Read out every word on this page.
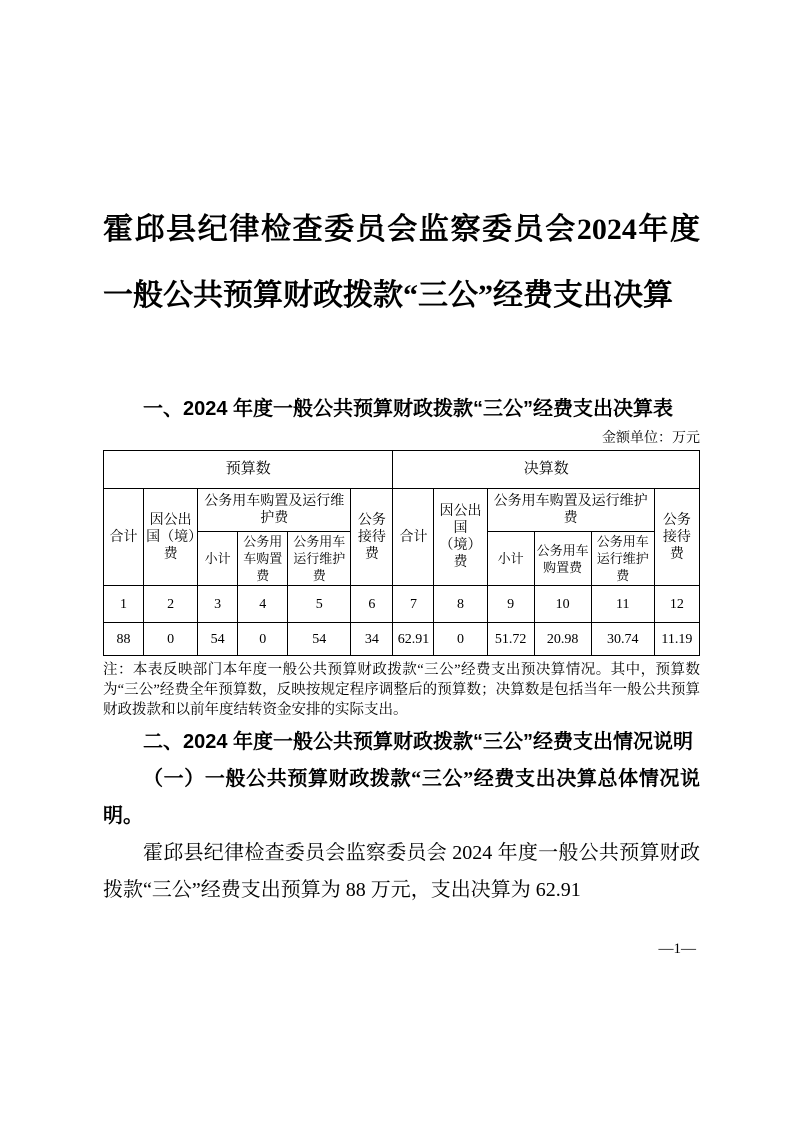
霍邱县纪律检查委员会监察委员会2024年度一般公共预算财政拨款“三公”经费支出决算

一、2024 年度一般公共预算财政拨款“三公”经费支出决算表

金额单位：万元
预算数						决算数					
合计	因公出国（境）费	公务用车购置及运行维护费			公务接待费	合计	因公出国（境）费	公务用车购置及运行维护费			公务接待费
		小计	公务用车购置费	公务用车运行维护费				小计	公务用车购置费	公务用车运行维护费	
1	2	3	4	5	6	7	8	9	10	11	12
88	0	54	0	54	34	62.91	0	51.72	20.98	30.74	11.19

注：本表反映部门本年度一般公共预算财政拨款“三公”经费支出预决算情况。其中，预算数为“三公”经费全年预算数，反映按规定程序调整后的预算数；决算数是包括当年一般公共预算财政拨款和以前年度结转资金安排的实际支出。

二、2024 年度一般公共预算财政拨款“三公”经费支出情况说明

（一）一般公共预算财政拨款“三公”经费支出决算总体情况说明。

霍邱县纪律检查委员会监察委员会 2024 年度一般公共预算财政拨款“三公”经费支出预算为 88 万元，支出决算为 62.91

—1—
